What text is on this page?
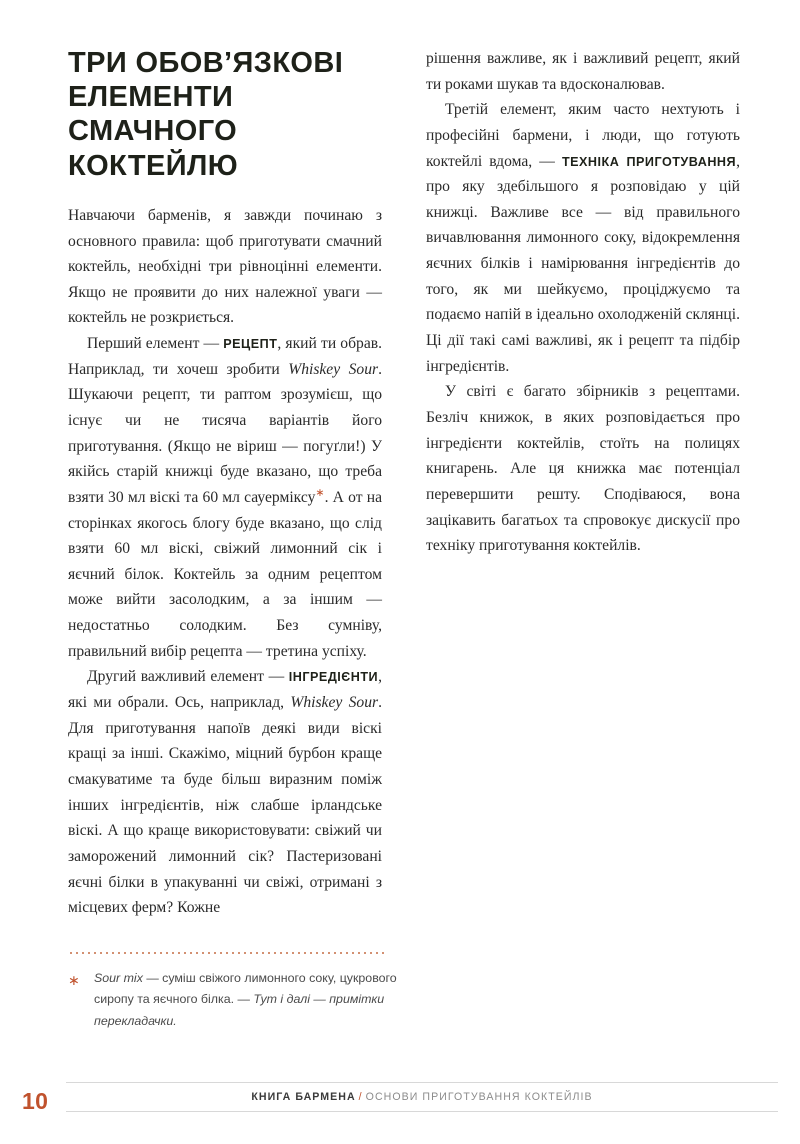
ТРИ ОБОВ’ЯЗКОВІ ЕЛЕМЕНТИ СМАЧНОГО КОКТЕЙЛЮ

Навчаючи барменів, я завжди починаю з основного правила: щоб приготувати смачний коктейль, необхідні три рівноцінні елементи. Якщо не проявити до них належної уваги — коктейль не розкриється.

Перший елемент — РЕЦЕПТ, який ти обрав. Наприклад, ти хочеш зробити Whiskey Sour. Шукаючи рецепт, ти раптом зрозумієш, що існує чи не тисяча варіантів його приготування. (Якщо не віриш — погуґли!) У якійсь старій книжці буде вказано, що треба взяти 30 мл віскі та 60 мл сауерміксу∗. А от на сторінках якогось блогу буде вказано, що слід взяти 60 мл віскі, свіжий лимонний сік і яєчний білок. Коктейль за одним рецептом може вийти засолодким, а за іншим — недостатньо солодким. Без сумніву, правильний вибір рецепта — третина успіху.

Другий важливий елемент — ІНГРЕДІЄНТИ, які ми обрали. Ось, наприклад, Whiskey Sour. Для приготування напоїв деякі види віскі кращі за інші. Скажімо, міцний бурбон краще смакуватиме та буде більш виразним поміж інших інгредієнтів, ніж слабше ірландське віскі. А що краще використовувати: свіжий чи заморожений лимонний сік? Пастеризовані яєчні білки в упакуванні чи свіжі, отримані з місцевих ферм? Кожне

рішення важливе, як і важливий рецепт, який ти роками шукав та вдосконалював.

Третій елемент, яким часто нехтують і професійні бармени, і люди, що готують коктейлі вдома, — ТЕХНІКА ПРИГОТУВАННЯ, про яку здебільшого я розповідаю у цій книжці. Важливе все — від правильного вичавлювання лимонного соку, відокремлення яєчних білків і намірювання інгредієнтів до того, як ми шейкуємо, проціджуємо та подаємо напій в ідеально охолодженій склянці. Ці дії такі самі важливі, як і рецепт та підбір інгредієнтів.

У світі є багато збірників з рецептами. Безліч книжок, в яких розповідається про інгредієнти коктейлів, стоїть на полицях книгарень. Але ця книжка має потенціал перевершити решту. Сподіваюся, вона зацікавить багатьох та спровокує дискусії про техніку приготування коктейлів.

∗	Sour mix — суміш свіжого лимонного соку, цукрового сиропу та яєчного білка. — Тут і далі — примітки перекладачки.
10	КНИГА БАРМЕНА / ОСНОВИ ПРИГОТУВАННЯ КОКТЕЙЛІВ
